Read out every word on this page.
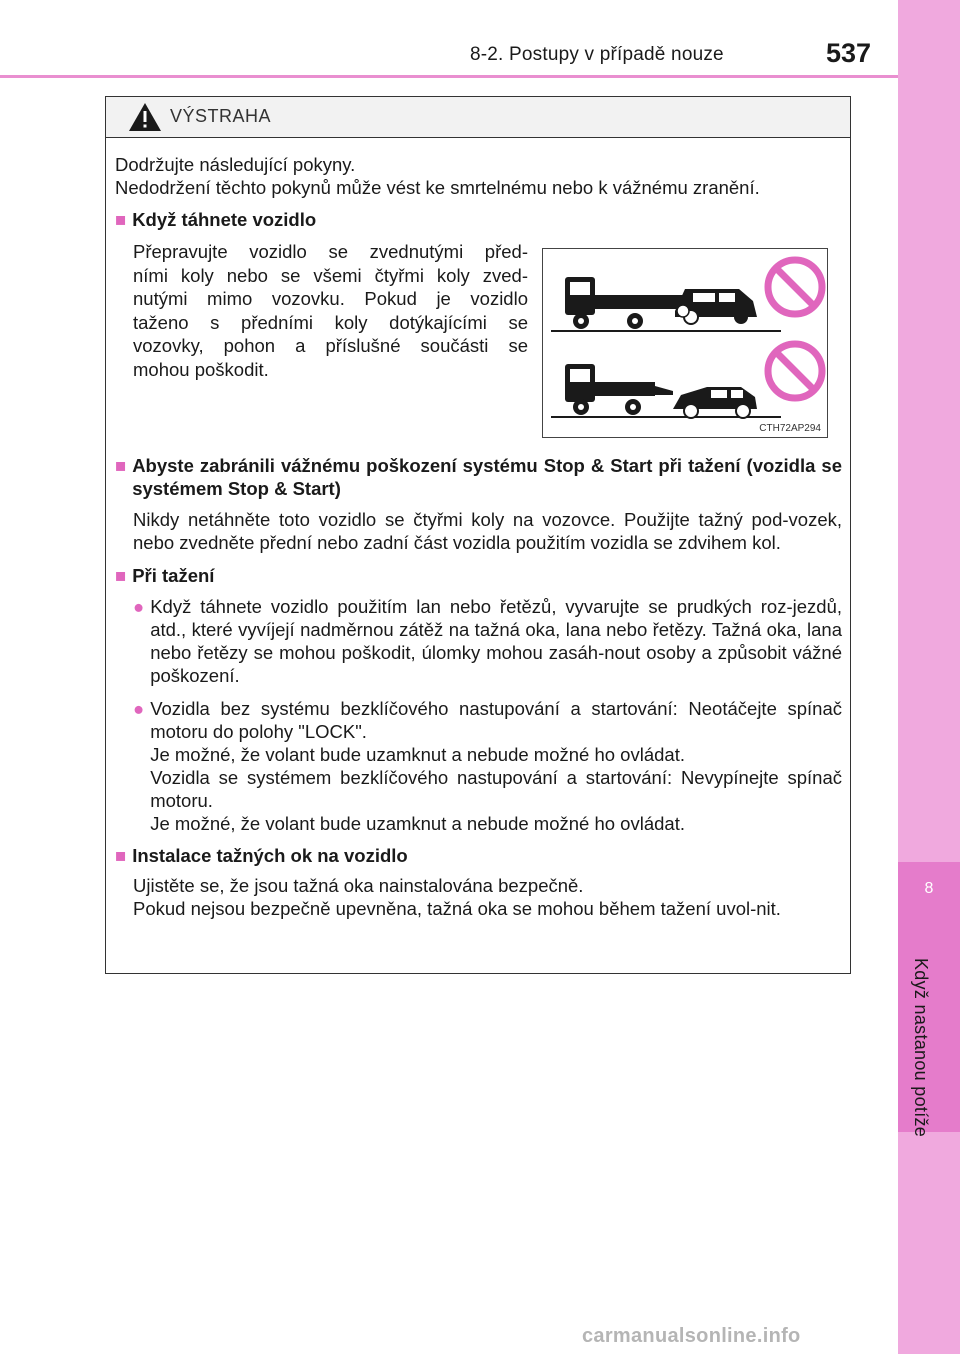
8-2. Postupy v případě nouze	537
8
Když nastanou potíže
VÝSTRAHA

Dodržujte následující pokyny.

Nedodržení těchto pokynů může vést ke smrtelnému nebo k vážnému zranění.

■ Když táhnete vozidlo
Přepravujte vozidlo se zvednutými před-
ními koly nebo se všemi čtyřmi koly zved-
nutými mimo vozovku. Pokud je vozidlo
taženo s předními koly dotýkajícími se
vozovky, pohon a příslušné součásti se
mohou poškodit.
■ Abyste zabránili vážnému poškození systému Stop & Start při tažení (vozidla se systémem Stop & Start)

Nikdy netáhněte toto vozidlo se čtyřmi koly na vozovce. Použijte tažný pod-vozek, nebo zvedněte přední nebo zadní část vozidla použitím vozidla se zdvihem kol.

■ Při tažení
● Když táhnete vozidlo použitím lan nebo řetězů, vyvarujte se prudkých roz-jezdů, atd., které vyvíjejí nadměrnou zátěž na tažná oka, lana nebo řetězy. Tažná oka, lana nebo řetězy se mohou poškodit, úlomky mohou zasáh-nout osoby a způsobit vážné poškození.
● Vozidla bez systému bezklíčového nastupování a startování: Neotáčejte spínač motoru do polohy "LOCK".
Je možné, že volant bude uzamknut a nebude možné ho ovládat.
Vozidla se systémem bezklíčového nastupování a startování: Nevypínejte spínač motoru.
Je možné, že volant bude uzamknut a nebude možné ho ovládat.
■ Instalace tažných ok na vozidlo
Ujistěte se, že jsou tažná oka nainstalována bezpečně.
Pokud nejsou bezpečně upevněna, tažná oka se mohou během tažení uvol-nit.
CTH72AP294
carmanualsonline.info
